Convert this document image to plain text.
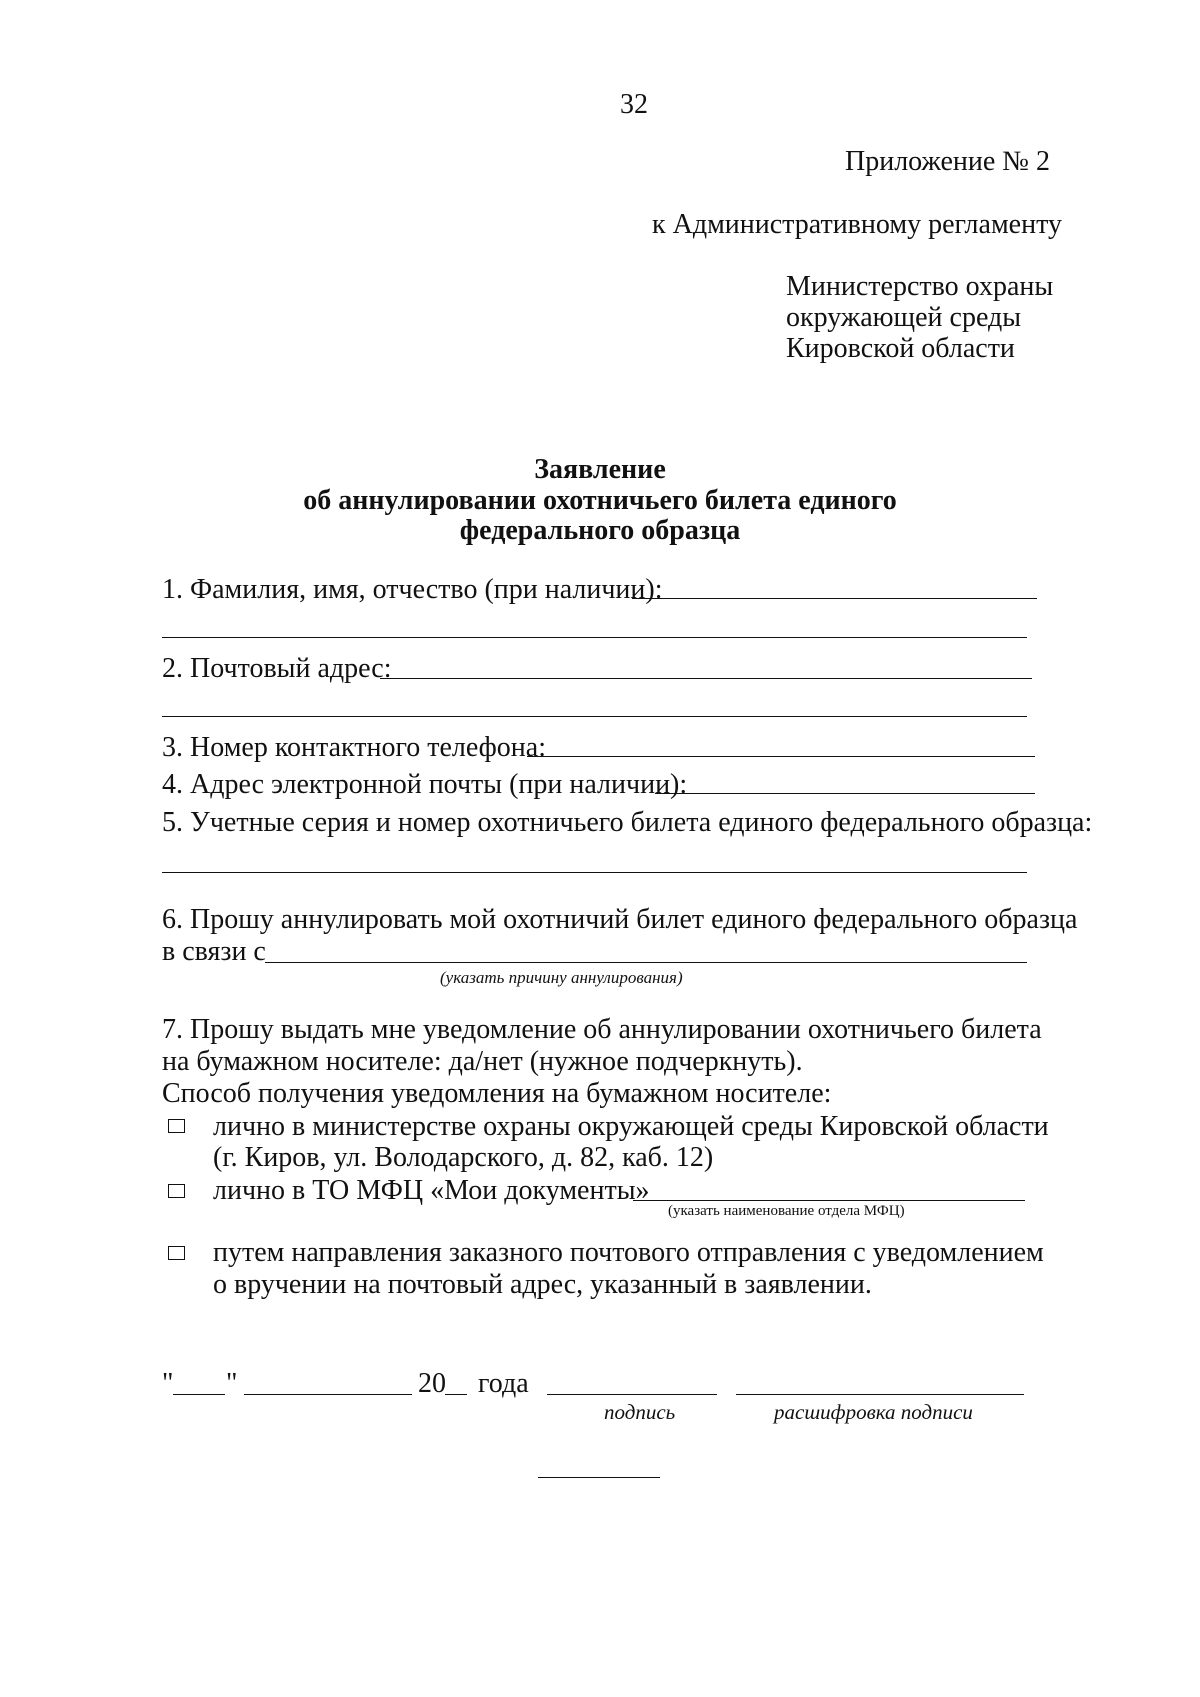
32
Приложение № 2
к Административному регламенту
Министерство охраны
окружающей среды
Кировской области
Заявление
об аннулировании охотничьего билета единого
федерального образца
1. Фамилия, имя, отчество (при наличии):
2. Почтовый адрес:
3. Номер контактного телефона:
4. Адрес электронной почты (при наличии):
5. Учетные серия и номер охотничьего билета единого федерального образца:
6. Прошу аннулировать мой охотничий билет единого федерального образца
в связи с
(указать причину аннулирования)
7. Прошу выдать мне уведомление об аннулировании охотничьего билета
на бумажном носителе: да/нет (нужное подчеркнуть).
Способ получения уведомления на бумажном носителе:
лично в министерстве охраны окружающей среды Кировской области
(г. Киров, ул. Володарского, д. 82, каб. 12)
лично в ТО МФЦ «Мои документы»
(указать наименование отдела МФЦ)
путем направления заказного почтового отправления с уведомлением
о вручении на почтовый адрес, указанный в заявлении.
" "	20 года
подпись	расшифровка подписи
